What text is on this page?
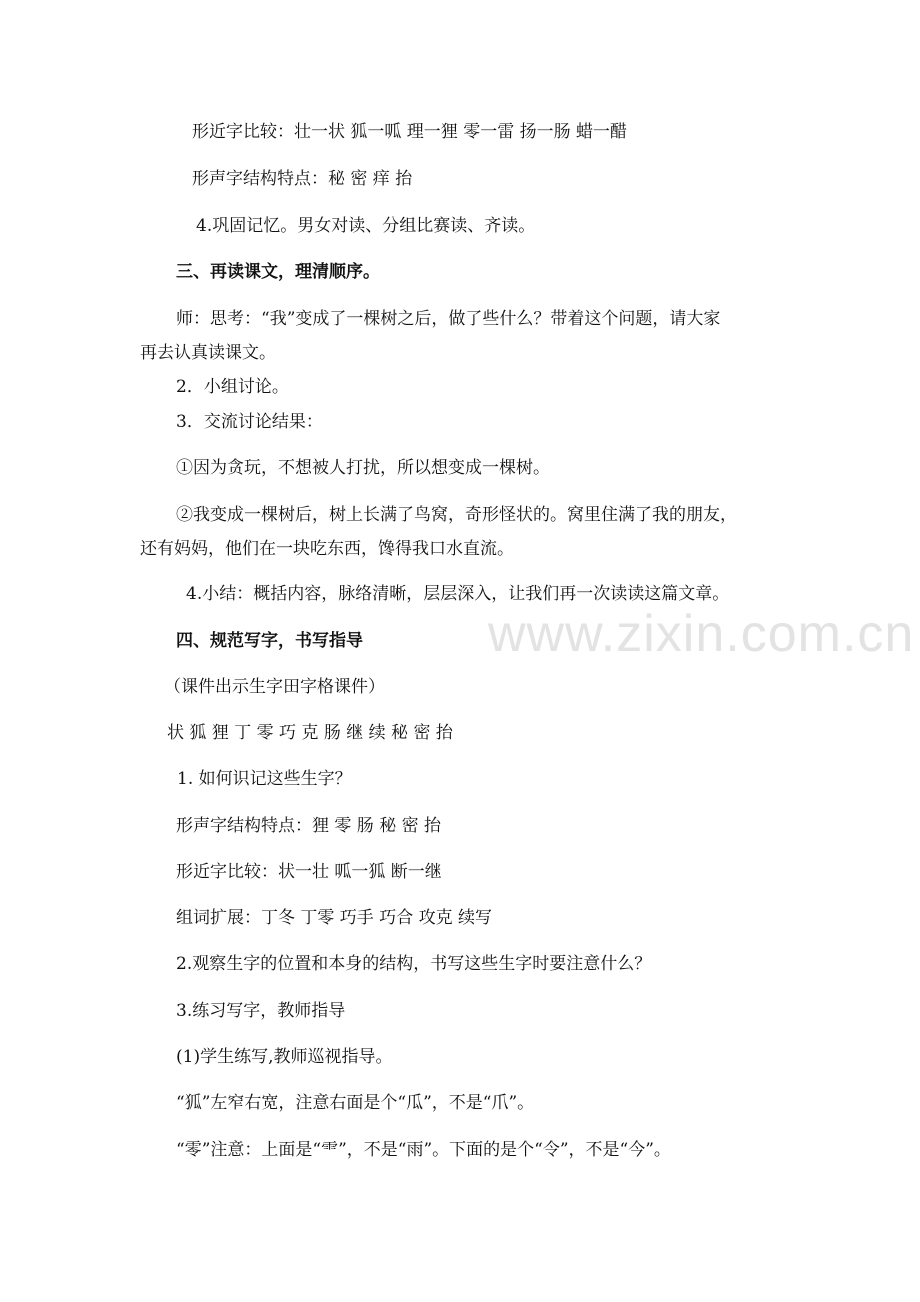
www.zixin.com.cn
形近字比较：壮一状 狐一呱 理一狸 零一雷 扬一肠 蜡一醋
形声字结构特点：秘 密 痒 抬
4.巩固记忆。男女对读、分组比赛读、齐读。
三、再读课文，理清顺序。
师：思考：“我”变成了一棵树之后，做了些什么？带着这个问题，请大家
再去认真读课文。
2．小组讨论。
3．交流讨论结果：
①因为贪玩，不想被人打扰，所以想变成一棵树。
②我变成一棵树后，树上长满了鸟窝，奇形怪状的。窝里住满了我的朋友，
还有妈妈，他们在一块吃东西，馋得我口水直流。
4.小结：概括内容，脉络清晰，层层深入，让我们再一次读读这篇文章。
四、规范写字，书写指导
（课件出示生字田字格课件）
状 狐 狸 丁 零 巧 克 肠 继 续 秘 密 抬
1. 如何识记这些生字？
形声字结构特点：狸 零 肠 秘 密 抬
形近字比较：状一壮 呱一狐 断一继
组词扩展：丁冬 丁零 巧手 巧合 攻克 续写
2.观察生字的位置和本身的结构，书写这些生字时要注意什么？
3.练习写字，教师指导
(1)学生练写,教师巡视指导。
“狐”左窄右宽，注意右面是个“瓜”，不是“爪”。
“零”注意：上面是“⻗”，不是“雨”。下面的是个“令”，不是“今”。
